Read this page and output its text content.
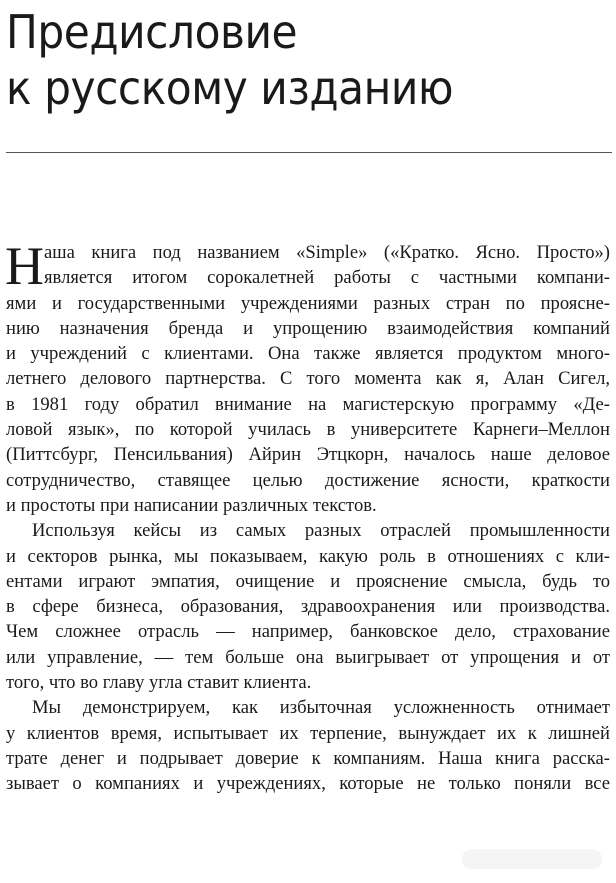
Предисловие
к русскому изданию

Н аша книга под названием «Simple» («Кратко. Ясно. Просто»)
является итогом сорокалетней работы с частными компани-
ями и государственными учреждениями разных стран по проясне-
нию назначения бренда и упрощению взаимодействия компаний
и учреждений с клиентами. Она также является продуктом много-
летнего делового партнерства. С того момента как я, Алан Сигел,
в 1981 году обратил внимание на магистерскую программу «Де-
ловой язык», по которой училась в университете Карнеги–Меллон
(Питтсбург, Пенсильвания) Айрин Этцкорн, началось наше деловое
сотрудничество, ставящее целью достижение ясности, краткости
и простоты при написании различных текстов.

Используя кейсы из самых разных отраслей промышленности
и секторов рынка, мы показываем, какую роль в отношениях с кли-
ентами играют эмпатия, очищение и прояснение смысла, будь то
в сфере бизнеса, образования, здравоохранения или производства.
Чем сложнее отрасль — например, банковское дело, страхование
или управление, — тем больше она выигрывает от упрощения и от
того, что во главу угла ставит клиента.

Мы демонстрируем, как избыточная усложненность отнимает
у клиентов время, испытывает их терпение, вынуждает их к лишней
трате денег и подрывает доверие к компаниям. Наша книга расска-
зывает о компаниях и учреждениях, которые не только поняли все
